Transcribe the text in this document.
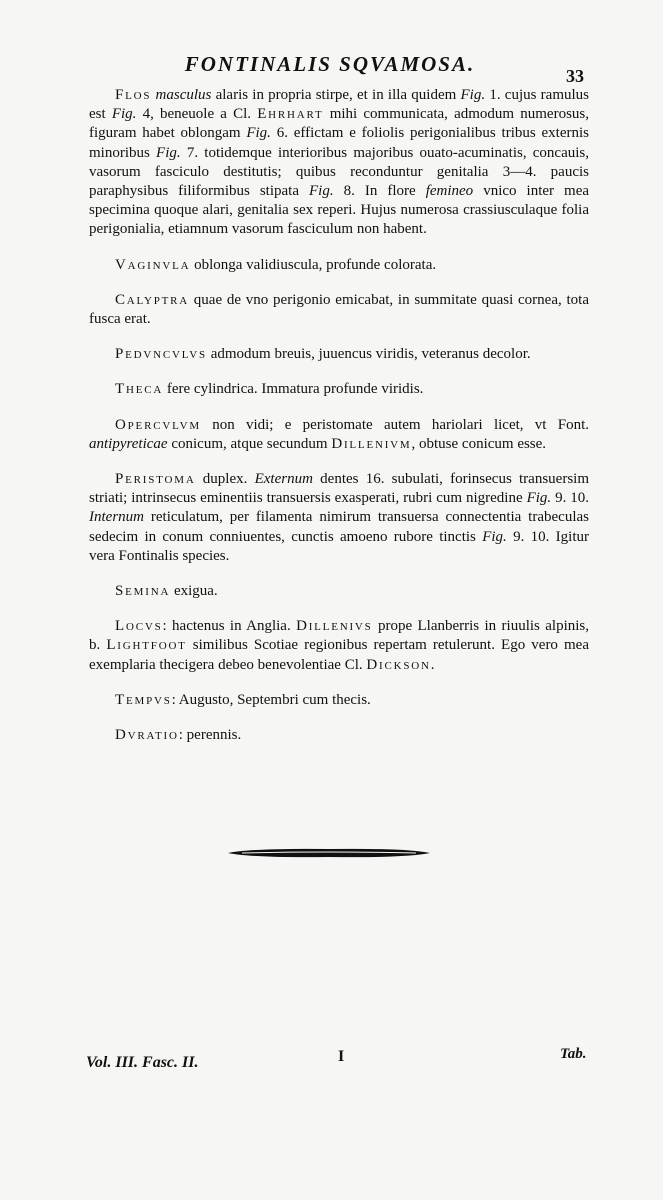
FONTINALIS SQVAMOSA.	33

Flos masculus alaris in propria stirpe, et in illa quidem Fig. 1. cujus ramulus est Fig. 4, beneuole a Cl. Ehrhart mihi communicata, admodum numerosus, figuram habet oblongam Fig. 6. effictam e foliolis perigonialibus tribus externis minoribus Fig. 7. totidemque interioribus majoribus ouato-acuminatis, concauis, vasorum fasciculo destitutis; quibus reconduntur genitalia 3—4. paucis paraphysibus filiformibus stipata Fig. 8. In flore femineo vnico inter mea specimina quoque alari, genitalia sex reperi. Hujus numerosa crassiusculaque folia perigonialia, etiamnum vasorum fasciculum non habent.

Vaginvla oblonga validiuscula, profunde colorata.

Calyptra quae de vno perigonio emicabat, in summitate quasi cornea, tota fusca erat.

Pedvncvlvs admodum breuis, juuencus viridis, veteranus decolor.

Theca fere cylindrica. Immatura profunde viridis.

Opercvlvm non vidi; e peristomate autem hariolari licet, vt Font. antipyreticae conicum, atque secundum Dillenivm, obtuse conicum esse.

Peristoma duplex. Externum dentes 16. subulati, forinsecus transuersim striati; intrinsecus eminentiis transuersis exasperati, rubri cum nigredine Fig. 9. 10. Internum reticulatum, per filamenta nimirum transuersa connectentia trabeculas sedecim in conum conniuentes, cunctis amoeno rubore tinctis Fig. 9. 10. Igitur vera Fontinalis species.

Semina exigua.

Locvs: hactenus in Anglia. Dillenivs prope Llanberris in riuulis alpinis, b. Lightfoot similibus Scotiae regionibus repertam retulerunt. Ego vero mea exemplaria thecigera debeo benevolentiae Cl. Dickson.

Tempvs: Augusto, Septembri cum thecis.

Dvratio: perennis.

Vol. III. Fasc. II.	I	Tab.
